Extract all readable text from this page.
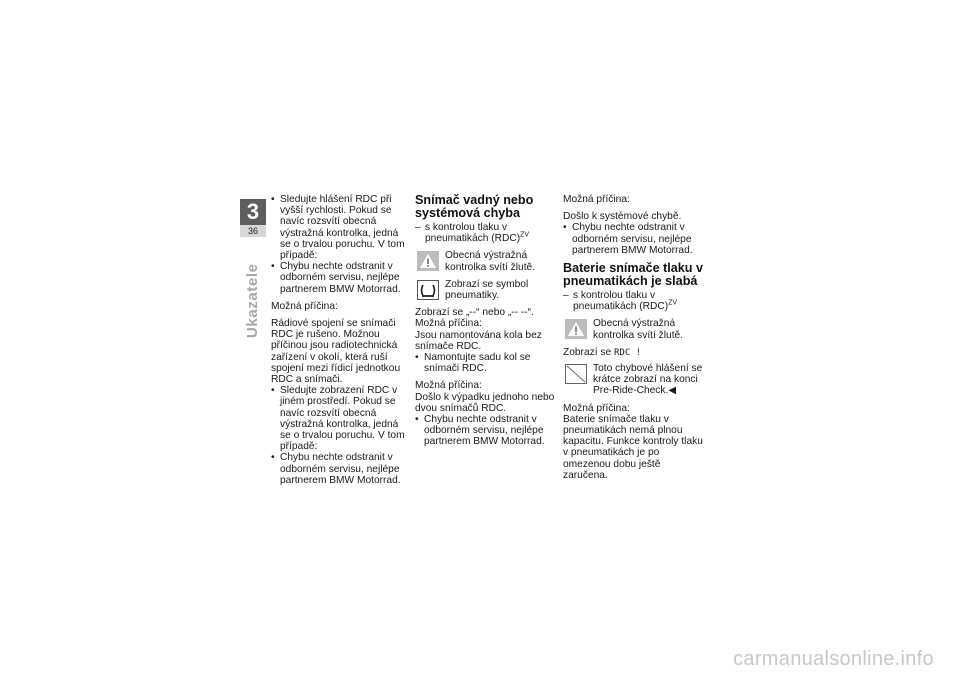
3
36
Ukazatele
• Sledujte hlášení RDC při vyšší rychlosti. Pokud se navíc rozsvítí obecná výstražná kontrolka, jedná se o trvalou poruchu. V tom případě:
• Chybu nechte odstranit v odborném servisu, nejlépe partnerem BMW Motorrad.

Možná příčina:

Rádiové spojení se snímači RDC je rušeno. Možnou příčinou jsou radiotechnická zařízení v okolí, která ruší spojení mezi řídicí jednotkou RDC a snímači.

• Sledujte zobrazení RDC v jiném prostředí. Pokud se navíc rozsvítí obecná výstražná kontrolka, jedná se o trvalou poruchu. V tom případě:
• Chybu nechte odstranit v odborném servisu, nejlépe partnerem BMW Motorrad.
Snímač vadný nebo systémová chyba
– s kontrolou tlaku v pneumatikách (RDC)$^{ZV}$
Obecná výstražná kontrolka svítí žlutě.
Zobrazí se symbol pneumatiky.

Zobrazí se „--“ nebo „-- --“.

Možná příčina:

Jsou namontována kola bez snímače RDC.

• Namontujte sadu kol se snímači RDC.

Možná příčina:

Došlo k výpadku jednoho nebo dvou snímačů RDC.

• Chybu nechte odstranit v odborném servisu, nejlépe partnerem BMW Motorrad.

Možná příčina:

Došlo k systémové chybě.

• Chybu nechte odstranit v odborném servisu, nejlépe partnerem BMW Motorrad.
Baterie snímače tlaku v pneumatikách je slabá
– s kontrolou tlaku v pneumatikách (RDC)$^{ZV}$
Obecná výstražná kontrolka svítí žlutě.

Zobrazí se RDC !

Toto chybové hlášení se krátce zobrazí na konci Pre-Ride-Check.◀

Možná příčina:

Baterie snímače tlaku v pneumatikách nemá plnou kapacitu. Funkce kontroly tlaku v pneumatikách je po omezenou dobu ještě zaručena.

carmanualsonline.info
